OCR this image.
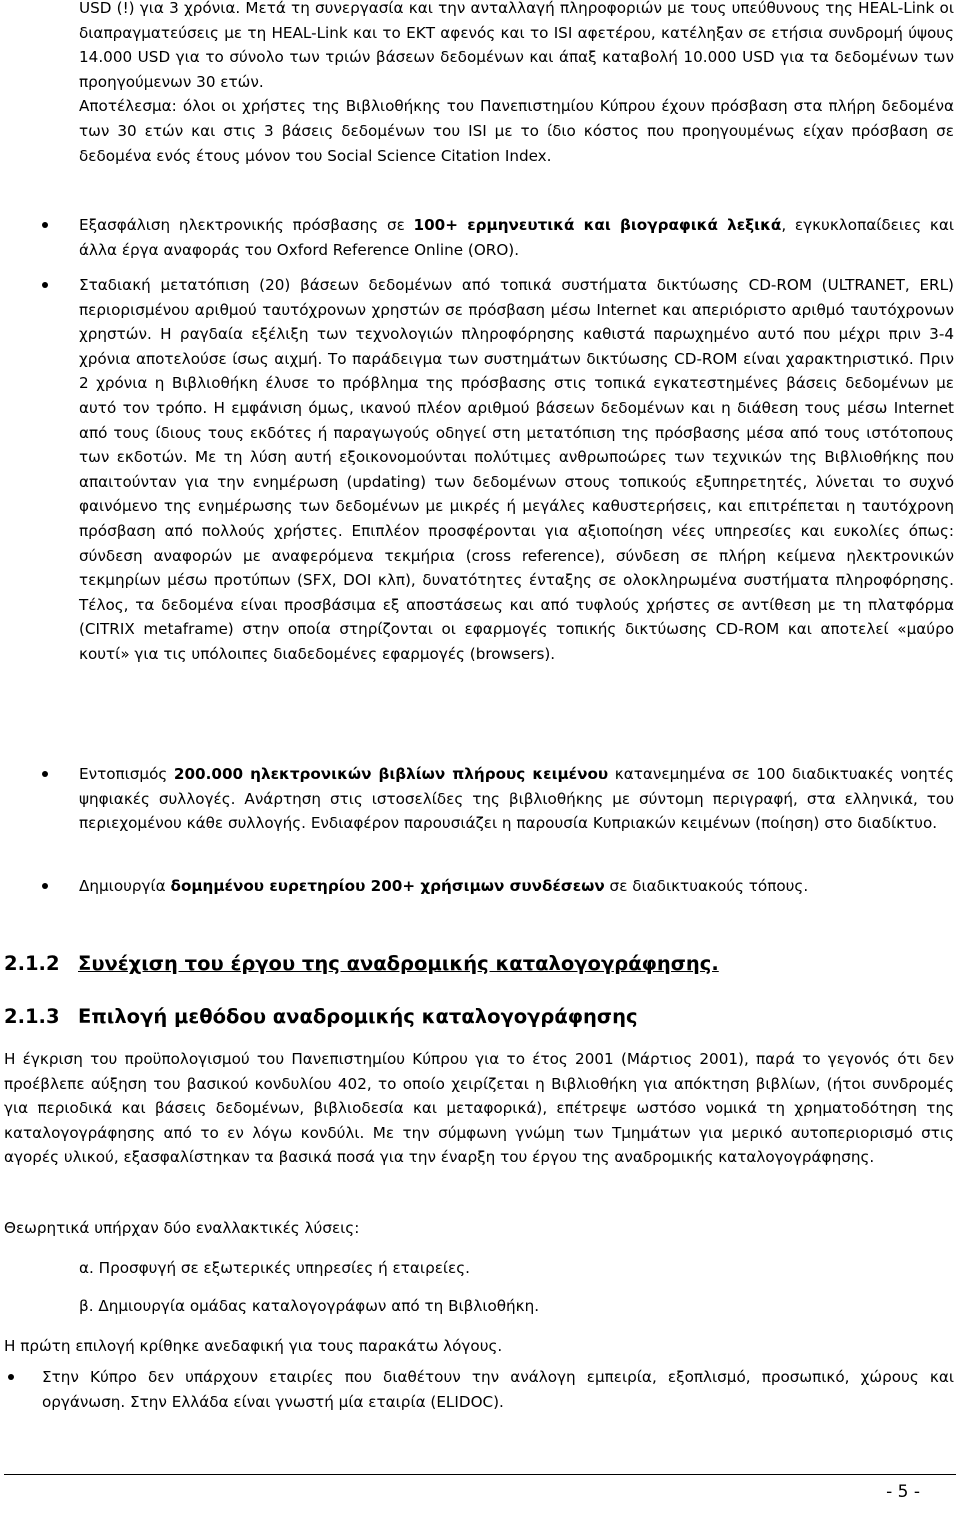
USD (!) για 3 χρόνια. Μετά τη συνεργασία και την ανταλλαγή πληροφοριών με τους υπεύθυνους της HEAL-Link οι διαπραγματεύσεις με τη HEAL-Link και το ΕΚΤ αφενός και το ISI αφετέρου, κατέληξαν σε ετήσια συνδρομή ύψους 14.000 USD για το σύνολο των τριών βάσεων δεδομένων και άπαξ καταβολή 10.000 USD για τα δεδομένων των προηγούμενων 30 ετών.

Αποτέλεσμα: όλοι οι χρήστες της Βιβλιοθήκης του Πανεπιστημίου Κύπρου έχουν πρόσβαση στα πλήρη δεδομένα των 30 ετών και στις 3 βάσεις δεδομένων του ISI με το ίδιο κόστος που προηγουμένως είχαν πρόσβαση σε δεδομένα ενός έτους μόνον του Social Science Citation Index.

Εξασφάλιση ηλεκτρονικής πρόσβασης σε 100+ ερμηνευτικά και βιογραφικά λεξικά, εγκυκλοπαίδειες και άλλα έργα αναφοράς του Oxford Reference Online (ORO).

Σταδιακή μετατόπιση (20) βάσεων δεδομένων από τοπικά συστήματα δικτύωσης CD-ROM (ULTRANET, ERL) περιορισμένου αριθμού ταυτόχρονων χρηστών σε πρόσβαση μέσω Internet και απεριόριστο αριθμό ταυτόχρονων χρηστών. Η ραγδαία εξέλιξη των τεχνολογιών πληροφόρησης καθιστά παρωχημένο αυτό που μέχρι πριν 3-4 χρόνια αποτελούσε ίσως αιχμή. Το παράδειγμα των συστημάτων δικτύωσης CD-ROM είναι χαρακτηριστικό. Πριν 2 χρόνια η Βιβλιοθήκη έλυσε το πρόβλημα της πρόσβασης στις τοπικά εγκατεστημένες βάσεις δεδομένων με αυτό τον τρόπο. Η εμφάνιση όμως, ικανού πλέον αριθμού βάσεων δεδομένων και η διάθεση τους μέσω Internet από τους ίδιους τους εκδότες ή παραγωγούς οδηγεί στη μετατόπιση της πρόσβασης μέσα από τους ιστότοπους των εκδοτών. Με τη λύση αυτή εξοικονομούνται πολύτιμες ανθρωποώρες των τεχνικών της Βιβλιοθήκης που απαιτούνταν για την ενημέρωση (updating) των δεδομένων στους τοπικούς εξυπηρετητές, λύνεται το συχνό φαινόμενο της ενημέρωσης των δεδομένων με μικρές ή μεγάλες καθυστερήσεις, και επιτρέπεται η ταυτόχρονη πρόσβαση από πολλούς χρήστες. Επιπλέον προσφέρονται για αξιοποίηση νέες υπηρεσίες και ευκολίες όπως: σύνδεση αναφορών με αναφερόμενα τεκμήρια (cross reference), σύνδεση σε πλήρη κείμενα ηλεκτρονικών τεκμηρίων μέσω προτύπων (SFX, DOI κλπ), δυνατότητες ένταξης σε ολοκληρωμένα συστήματα πληροφόρησης. Τέλος, τα δεδομένα είναι προσβάσιμα εξ αποστάσεως και από τυφλούς χρήστες σε αντίθεση με τη πλατφόρμα (CITRIX metaframe) στην οποία στηρίζονται οι εφαρμογές τοπικής δικτύωσης CD-ROM και αποτελεί «μαύρο κουτί» για τις υπόλοιπες διαδεδομένες εφαρμογές (browsers).

Εντοπισμός 200.000 ηλεκτρονικών βιβλίων πλήρους κειμένου κατανεμημένα σε 100 διαδικτυακές νοητές ψηφιακές συλλογές. Ανάρτηση στις ιστοσελίδες της βιβλιοθήκης με σύντομη περιγραφή, στα ελληνικά, του περιεχομένου κάθε συλλογής. Ενδιαφέρον παρουσιάζει η παρουσία Κυπριακών κειμένων (ποίηση) στο διαδίκτυο.

Δημιουργία δομημένου ευρετηρίου 200+ χρήσιμων συνδέσεων σε διαδικτυακούς τόπους.

2.1.2 Συνέχιση του έργου της αναδρομικής καταλογογράφησης.
2.1.3 Επιλογή μεθόδου αναδρομικής καταλογογράφησης

Η έγκριση του προϋπολογισμού του Πανεπιστημίου Κύπρου για το έτος 2001 (Μάρτιος 2001), παρά το γεγονός ότι δεν προέβλεπε αύξηση του βασικού κονδυλίου 402, το οποίο χειρίζεται η Βιβλιοθήκη για απόκτηση βιβλίων, (ήτοι συνδρομές για περιοδικά και βάσεις δεδομένων, βιβλιοδεσία και μεταφορικά), επέτρεψε ωστόσο νομικά τη χρηματοδότηση της καταλογογράφησης από το εν λόγω κονδύλι. Με την σύμφωνη γνώμη των Τμημάτων για μερικό αυτοπεριορισμό στις αγορές υλικού, εξασφαλίστηκαν τα βασικά ποσά για την έναρξη του έργου της αναδρομικής καταλογογράφησης.

Θεωρητικά υπήρχαν δύο εναλλακτικές λύσεις:
α. Προσφυγή σε εξωτερικές υπηρεσίες ή εταιρείες.
β. Δημιουργία ομάδας καταλογογράφων από τη Βιβλιοθήκη.
Η πρώτη επιλογή κρίθηκε ανεδαφική για τους παρακάτω λόγους.

Στην Κύπρο δεν υπάρχουν εταιρίες που διαθέτουν την ανάλογη εμπειρία, εξοπλισμό, προσωπικό, χώρους και οργάνωση. Στην Ελλάδα είναι γνωστή μία εταιρία (ELIDOC).

- 5 -
